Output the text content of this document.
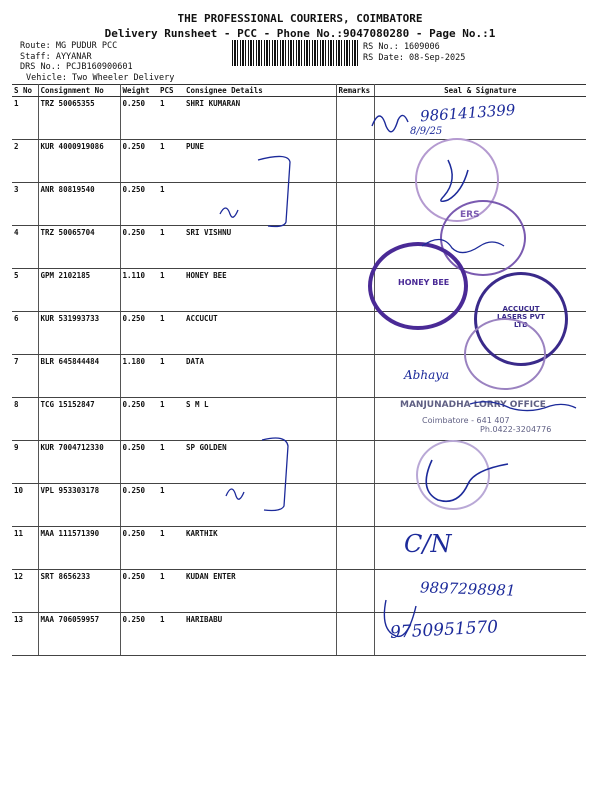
THE PROFESSIONAL COURIERS, COIMBATORE
Delivery Runsheet - PCC - Phone No.:9047080280 - Page No.:1
Route: MG PUDUR PCC
Staff: AYYANAR
DRS No.: PCJB160900601
Vehicle: Two Wheeler Delivery
RS No.: 1609006
RS Date: 08-Sep-2025
S No	Consignment No	Weight	PCS	Consignee Details	Remarks	Seal & Signature
1	TRZ 50065355	0.250	1	SHRI KUMARAN		
2	KUR 4000919086	0.250	1	PUNE		
3	ANR 80819540	0.250	1			
4	TRZ 50065704	0.250	1	SRI VISHNU		
5	GPM 2102185	1.110	1	HONEY BEE		
6	KUR 531993733	0.250	1	ACCUCUT		
7	BLR 645844484	1.180	1	DATA		
8	TCG 15152847	0.250	1	S M L		
9	KUR 7004712330	0.250	1	SP GOLDEN		
10	VPL 953303178	0.250	1			
11	MAA 111571390	0.250	1	KARTHIK		
12	SRT 8656233	0.250	1	KUDAN ENTER		
13	MAA 706059957	0.250	1	HARIBABU		
ERS
HONEY BEE
ACCUCUT LASERS PVT LTD
MANJUNADHA LORRY OFFICE
Coimbatore - 641 407
Ph.0422-3204776
9861413399
8/9/25
Abhaya
C/N
9897298981
9750951570
